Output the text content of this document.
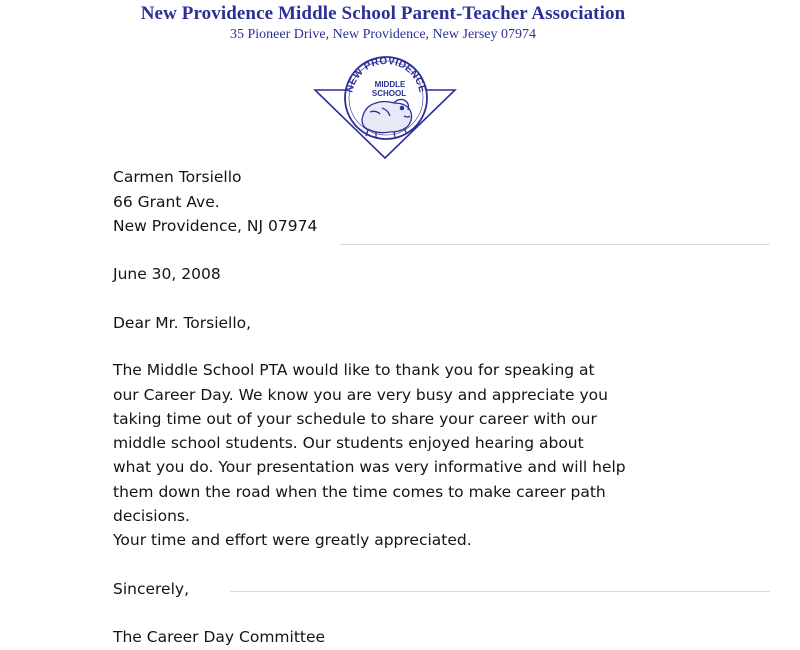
New Providence Middle School Parent-Teacher Association
35 Pioneer Drive, New Providence, New Jersey 07974
NEW PROVIDENCE
MIDDLE
SCHOOL
Carmen Torsiello
66 Grant Ave.
New Providence, NJ 07974
June 30, 2008
Dear Mr. Torsiello,
The Middle School PTA would like to thank you for speaking at
our Career Day. We know you are very busy and appreciate you
taking time out of your schedule to share your career with our
middle school students. Our students enjoyed hearing about
what you do. Your presentation was very informative and will help
them down the road when the time comes to make career path
decisions.
Your time and effort were greatly appreciated.
Sincerely,
The Career Day Committee
